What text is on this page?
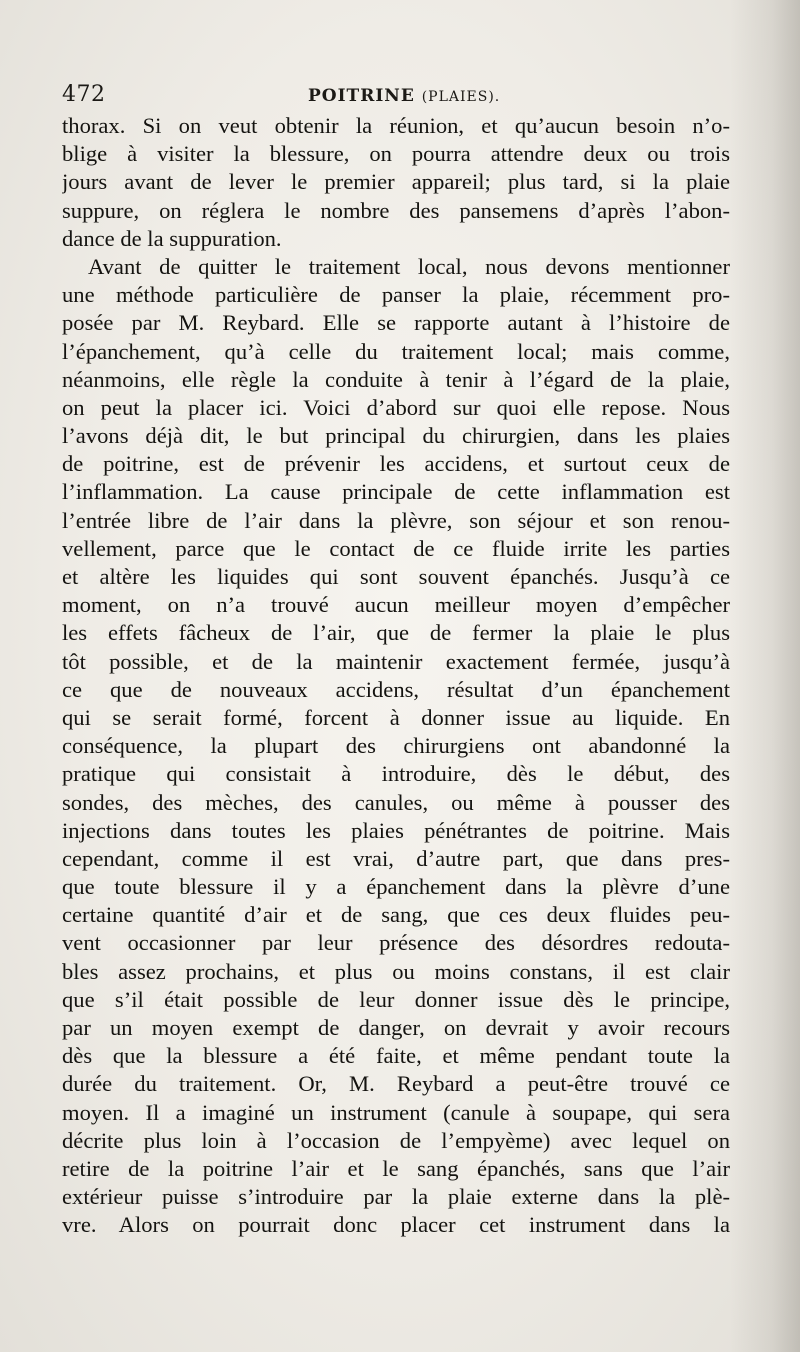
472	POITRINE (PLAIES).
thorax. Si on veut obtenir la réunion, et qu’aucun besoin n’o-
blige à visiter la blessure, on pourra attendre deux ou trois
jours avant de lever le premier appareil; plus tard, si la plaie
suppure, on réglera le nombre des pansemens d’après l’abon-
dance de la suppuration.
Avant de quitter le traitement local, nous devons mentionner
une méthode particulière de panser la plaie, récemment pro-
posée par M. Reybard. Elle se rapporte autant à l’histoire de
l’épanchement, qu’à celle du traitement local; mais comme,
néanmoins, elle règle la conduite à tenir à l’égard de la plaie,
on peut la placer ici. Voici d’abord sur quoi elle repose. Nous
l’avons déjà dit, le but principal du chirurgien, dans les plaies
de poitrine, est de prévenir les accidens, et surtout ceux de
l’inflammation. La cause principale de cette inflammation est
l’entrée libre de l’air dans la plèvre, son séjour et son renou-
vellement, parce que le contact de ce fluide irrite les parties
et altère les liquides qui sont souvent épanchés. Jusqu’à ce
moment, on n’a trouvé aucun meilleur moyen d’empêcher
les effets fâcheux de l’air, que de fermer la plaie le plus
tôt possible, et de la maintenir exactement fermée, jusqu’à
ce que de nouveaux accidens, résultat d’un épanchement
qui se serait formé, forcent à donner issue au liquide. En
conséquence, la plupart des chirurgiens ont abandonné la
pratique qui consistait à introduire, dès le début, des
sondes, des mèches, des canules, ou même à pousser des
injections dans toutes les plaies pénétrantes de poitrine. Mais
cependant, comme il est vrai, d’autre part, que dans pres-
que toute blessure il y a épanchement dans la plèvre d’une
certaine quantité d’air et de sang, que ces deux fluides peu-
vent occasionner par leur présence des désordres redouta-
bles assez prochains, et plus ou moins constans, il est clair
que s’il était possible de leur donner issue dès le principe,
par un moyen exempt de danger, on devrait y avoir recours
dès que la blessure a été faite, et même pendant toute la
durée du traitement. Or, M. Reybard a peut-être trouvé ce
moyen. Il a imaginé un instrument (canule à soupape, qui sera
décrite plus loin à l’occasion de l’empyème) avec lequel on
retire de la poitrine l’air et le sang épanchés, sans que l’air
extérieur puisse s’introduire par la plaie externe dans la plè-
vre. Alors on pourrait donc placer cet instrument dans la
